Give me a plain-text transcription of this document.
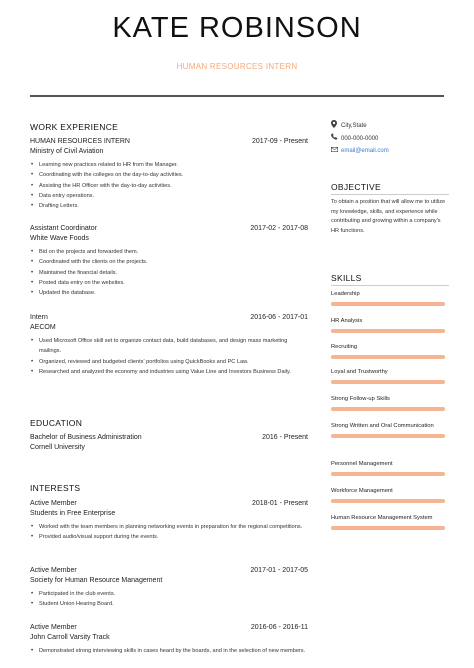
KATE ROBINSON
HUMAN RESOURCES INTERN
WORK EXPERIENCE
HUMAN RESOURCES INTERN	2017-09 - Present
Ministry of Civil Aviation
• Learning new practices related to HR from the Manager.
• Coordinating with the colleges on the day-to-day activities.
• Assisting the HR Officer with the day-to-day activities.
• Data entry operations.
• Drafting Letters.
Assistant Coordinator	2017-02 - 2017-08
White Wave Foods
• Bid on the projects and forwarded them.
• Coordinated with the clients on the projects.
• Maintained the financial details.
• Posted data entry on the websites.
• Updated the database.
Intern	2016-06 - 2017-01
AECOM
• Used Microsoft Office skill set to organize contact data, build databases, and design mass marketing mailings.
• Organized, reviewed and budgeted clients' portfolios using QuickBooks and PC Law.
• Researched and analyzed the economy and industries using Value Line and Investors Business Daily.
EDUCATION
Bachelor of Business Administration	2016 - Present
Cornell University
INTERESTS
Active Member	2018-01 - Present
Students in Free Enterprise
• Worked with the team members in planning networking events in preparation for the regional competitions.
• Provided audio/visual support during the events.
Active Member	2017-01 - 2017-05
Society for Human Resource Management
• Participated in the club events.
• Student Union Hearing Board.
Active Member	2016-06 - 2016-11
John Carroll Varsity Track
• Demonstrated strong interviewing skills in cases heard by the boards, and in the selection of new members.
City,State
000-000-0000
email@email.com
OBJECTIVE
To obtain a position that will allow me to utilize my knowledge, skills, and experience while contributing and growing within a company's HR functions.
SKILLS
Leadership
HR Analysis
Recruiting
Loyal and Trustworthy
Strong Follow-up Skills
Strong Written and Oral Communication
Personnel Management
Workforce Management
Human Resource Management System
